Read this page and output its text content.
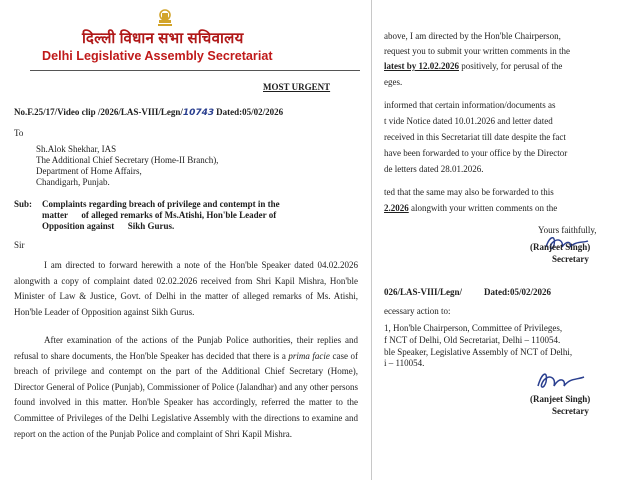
दिल्ली विधान सभा सचिवालय
Delhi Legislative Assembly Secretariat
MOST URGENT
No.F.25/17/Video clip /2026/LAS-VIII/Legn/10743 Dated:05/02/2026
To
Sh.Alok Shekhar, IAS
The Additional Chief Secretary (Home-II Branch),
Department of Home Affairs,
Chandigarh, Punjab.
Sub: Complaints regarding breach of privilege and contempt in the
matter      of alleged remarks of Ms.Atishi, Hon'ble Leader of
Opposition against      Sikh Gurus.
Sir
I am directed to forward herewith a note of the Hon'ble Speaker dated 04.02.2026 alongwith a copy of complaint dated 02.02.2026 received from Shri Kapil Mishra, Hon'ble Minister of Law & Justice, Govt. of Delhi in the matter of alleged remarks of Ms. Atishi, Hon'ble Leader of Opposition against Sikh Gurus.
After examination of the actions of the Punjab Police authorities, their replies and refusal to share documents, the Hon'ble Speaker has decided that there is a prima facie case of breach of privilege and contempt on the part of the Additional Chief Secretary (Home), Director General of Police (Punjab), Commissioner of Police (Jalandhar) and any other persons found involved in this matter. Hon'ble Speaker has accordingly, referred the matter to the Committee of Privileges of the Delhi Legislative Assembly with the directions to examine and report on the action of the Punjab Police and complaint of Shri Kapil Mishra.
above, I am directed by the Hon'ble Chairperson,
request you to submit your written comments in the
latest by 12.02.2026 positively, for perusal of the
eges.
informed that certain information/documents as
t vide Notice dated 10.01.2026 and letter dated
received in this Secretariat till date despite the fact
have been forwarded to your office by the Director
de letters dated 28.01.2026.
ted that the same may also be forwarded to this
2.2026 alongwith your written comments on the
Yours faithfully,
(Ranjeet Singh)
Secretary
026/LAS-VIII/Legn/ Dated:05/02/2026
ecessary action to:
1, Hon'ble Chairperson, Committee of Privileges,
f NCT of Delhi, Old Secretariat, Delhi – 110054.
ble Speaker, Legislative Assembly of NCT of Delhi,
i – 110054.
(Ranjeet Singh)
Secretary
